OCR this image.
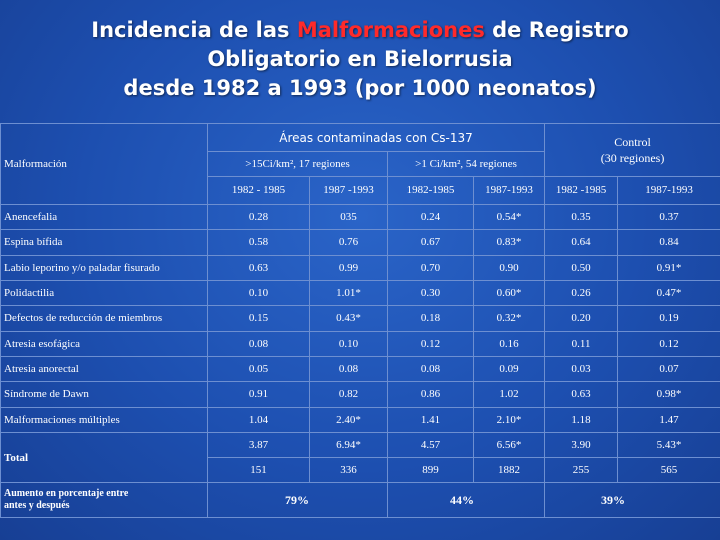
Incidencia de las Malformaciones de Registro
Obligatorio en Bielorrusia
desde 1982 a 1993 (por 1000 neonatos)
Malformación	Áreas contaminadas con Cs-137				Control
(30 regiones)	

	>15Ci/km², 17 regiones		>1 Ci/km², 54 regiones			
	1982 - 1985	1987 -1993	1982-1985	1987-1993	1982 -1985	1987-1993
Anencefalia	0.28	035	0.24	0.54*	0.35	0.37
Espina bífida	0.58	0.76	0.67	0.83*	0.64	0.84
Labio leporino y/o paladar fisurado	0.63	0.99	0.70	0.90	0.50	0.91*
Polidactilia	0.10	1.01*	0.30	0.60*	0.26	0.47*
Defectos de reducción de miembros	0.15	0.43*	0.18	0.32*	0.20	0.19
Atresia esofágica	0.08	0.10	0.12	0.16	0.11	0.12
Atresia anorectal	0.05	0.08	0.08	0.09	0.03	0.07
Síndrome de Dawn	0.91	0.82	0.86	1.02	0.63	0.98*
Malformaciones múltiples	1.04	2.40*	1.41	2.10*	1.18	1.47
Total	3.87	6.94*	4.57	6.56*	3.90	5.43*
	151	336	899	1882	255	565

Aumento en porcentaje entre
antes y después	79%		44%		39%	
